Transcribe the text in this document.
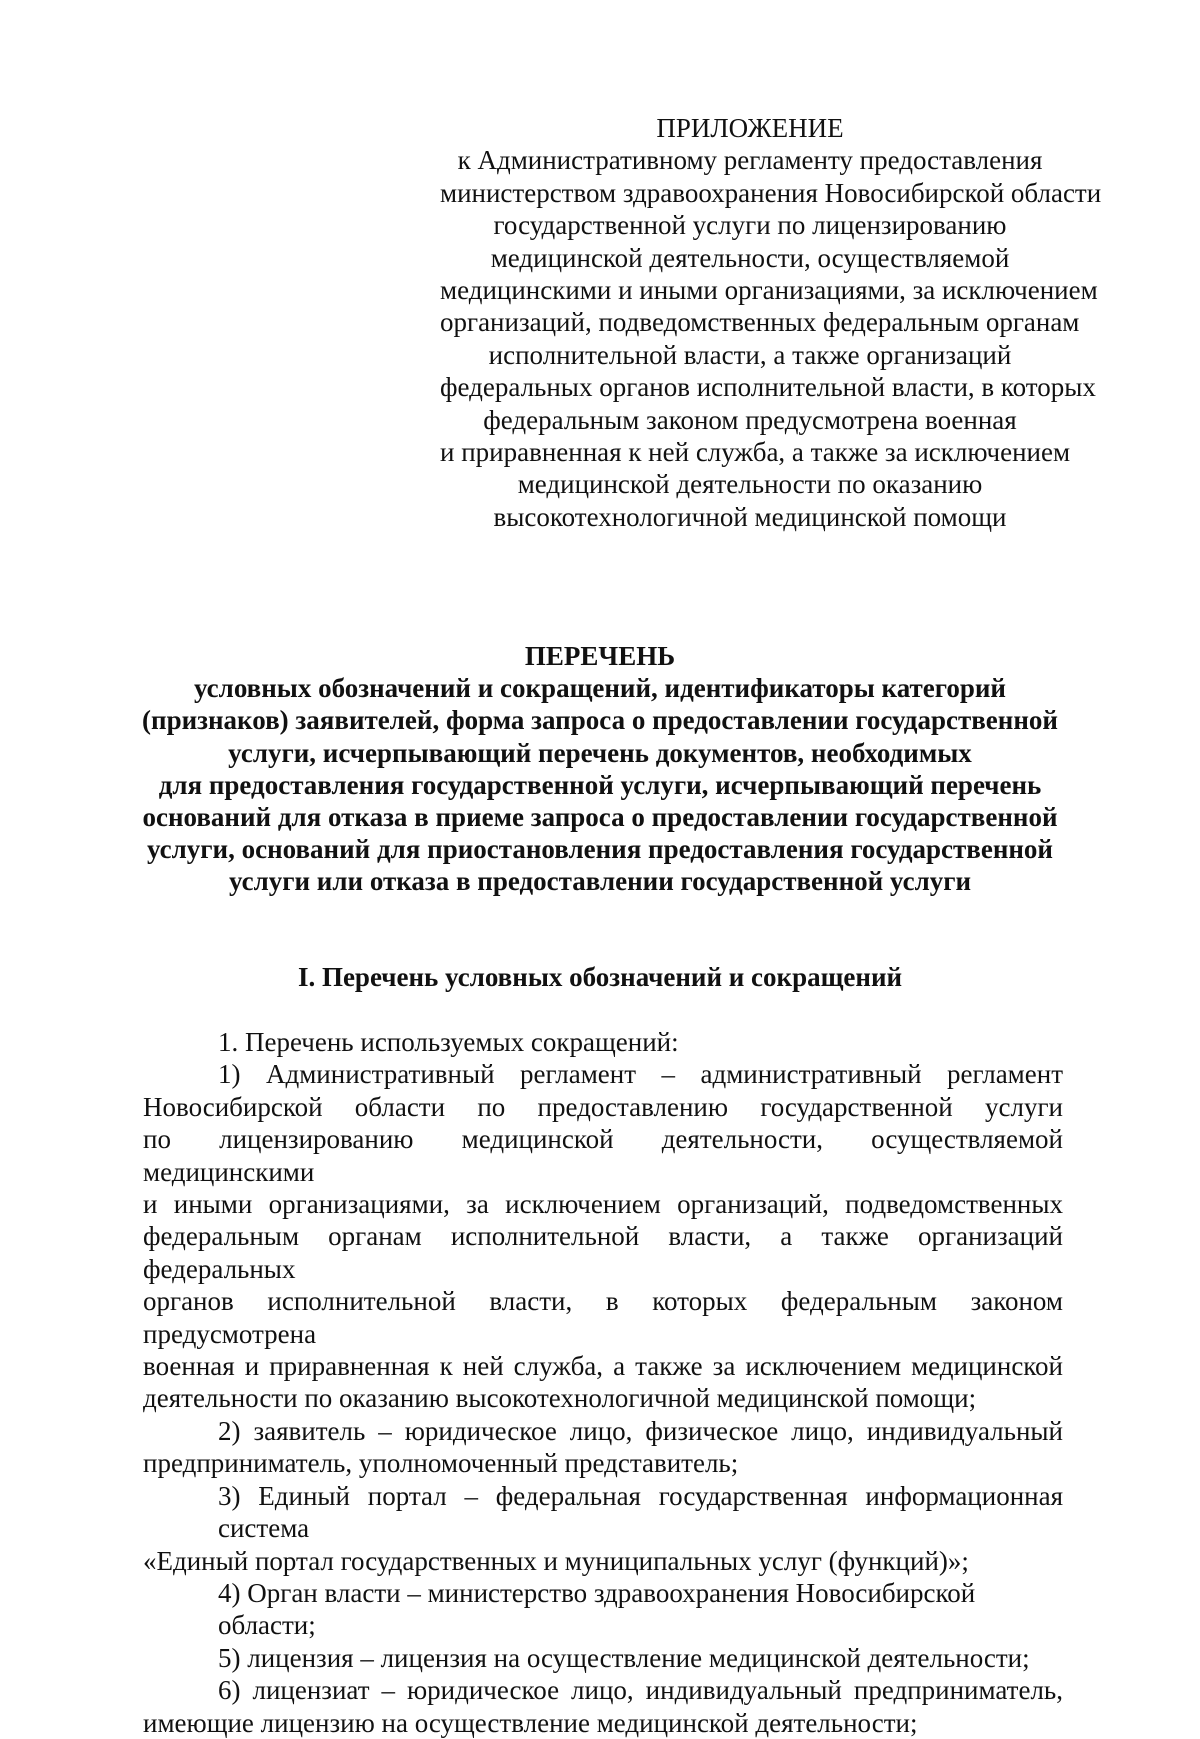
ПРИЛОЖЕНИЕ
к Административному регламенту предоставления
министерством здравоохранения Новосибирской области
государственной услуги по лицензированию
медицинской деятельности, осуществляемой
медицинскими и иными организациями, за исключением
организаций, подведомственных федеральным органам
исполнительной власти, а также организаций
федеральных органов исполнительной власти, в которых
федеральным законом предусмотрена военная
и приравненная к ней служба, а также за исключением
медицинской деятельности по оказанию
высокотехнологичной медицинской помощи
ПЕРЕЧЕНЬ
условных обозначений и сокращений, идентификаторы категорий
(признаков) заявителей, форма запроса о предоставлении государственной
услуги, исчерпывающий перечень документов, необходимых
для предоставления государственной услуги, исчерпывающий перечень
оснований для отказа в приеме запроса о предоставлении государственной
услуги, оснований для приостановления предоставления государственной
услуги или отказа в предоставлении государственной услуги
I. Перечень условных обозначений и сокращений
1. Перечень используемых сокращений:
1) Административный регламент – административный регламент
Новосибирской области по предоставлению государственной услуги
по лицензированию медицинской деятельности, осуществляемой медицинскими
и иными организациями, за исключением организаций, подведомственных
федеральным органам исполнительной власти, а также организаций федеральных
органов исполнительной власти, в которых федеральным законом предусмотрена
военная и приравненная к ней служба, а также за исключением медицинской
деятельности по оказанию высокотехнологичной медицинской помощи;
2) заявитель – юридическое лицо, физическое лицо, индивидуальный
предприниматель, уполномоченный представитель;
3) Единый портал – федеральная государственная информационная система
«Единый портал государственных и муниципальных услуг (функций)»;
4) Орган власти – министерство здравоохранения Новосибирской области;
5) лицензия – лицензия на осуществление медицинской деятельности;
6) лицензиат – юридическое лицо, индивидуальный предприниматель,
имеющие лицензию на осуществление медицинской деятельности;
